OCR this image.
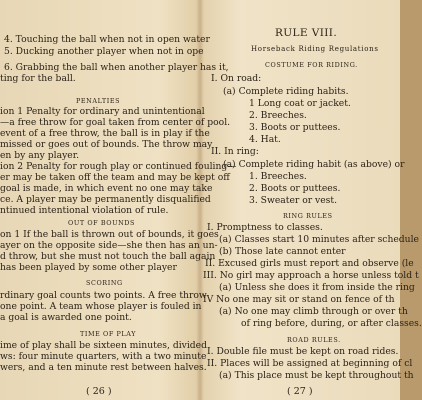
4. Touching the ball when not in open water
5. Ducking another player when not in ope
6. Grabbing the ball when another player has it,
ting for the ball.
PENALTIES
ion 1 Penalty for ordinary and unintentional
—a free throw for goal taken from center of pool.
event of a free throw, the ball is in play if the
missed or goes out of bounds. The throw may
en by any player.
ion 2 Penalty for rough play or continued fouling—
er may be taken off the team and may be kept off
goal is made, in which event no one may take
ce. A player may be permanently disqualified
ntinued intentional violation of rule.
OUT OF BOUNDS
on 1 If the ball is thrown out of bounds, it goes
ayer on the opposite side—she then has an un-
d throw, but she must not touch the ball again
has been played by some other player
RULE VIII.
Horseback Riding Regulations
COSTUME FOR RIDING.
I. On road:
(a) Complete riding habits.
1 Long coat or jacket.
2. Breeches.
3. Boots or puttees.
4. Hat.
II. In ring:
(a) Complete riding habit (as above) or
1. Breeches.
2. Boots or puttees.
3. Sweater or vest.
RING RULES
I. Promptness to classes.
(a) Classes start 10 minutes after schedule
(b) Those late cannot enter
II. Excused girls must report and observe (le
III. No girl may approach a horse unless told t
(a) Unless she does it from inside the ring
IV No one may sit or stand on fence of th
(a) No one may climb through or over th
of ring before, during, or after classes.
ROAD RULES.
I. Double file must be kept on road rides.
II. Places will be assigned at beginning of cl
(a) This place must be kept throughout th
( 27 )
SCORING
rdinary goal counts two points. A free throw
one point. A team whose player is fouled in
a goal is awarded one point.
TIME OF PLAY
ime of play shall be sixteen minutes, divided
ws: four minute quarters, with a two minute
wers, and a ten minute rest between halves.
( 26 )
